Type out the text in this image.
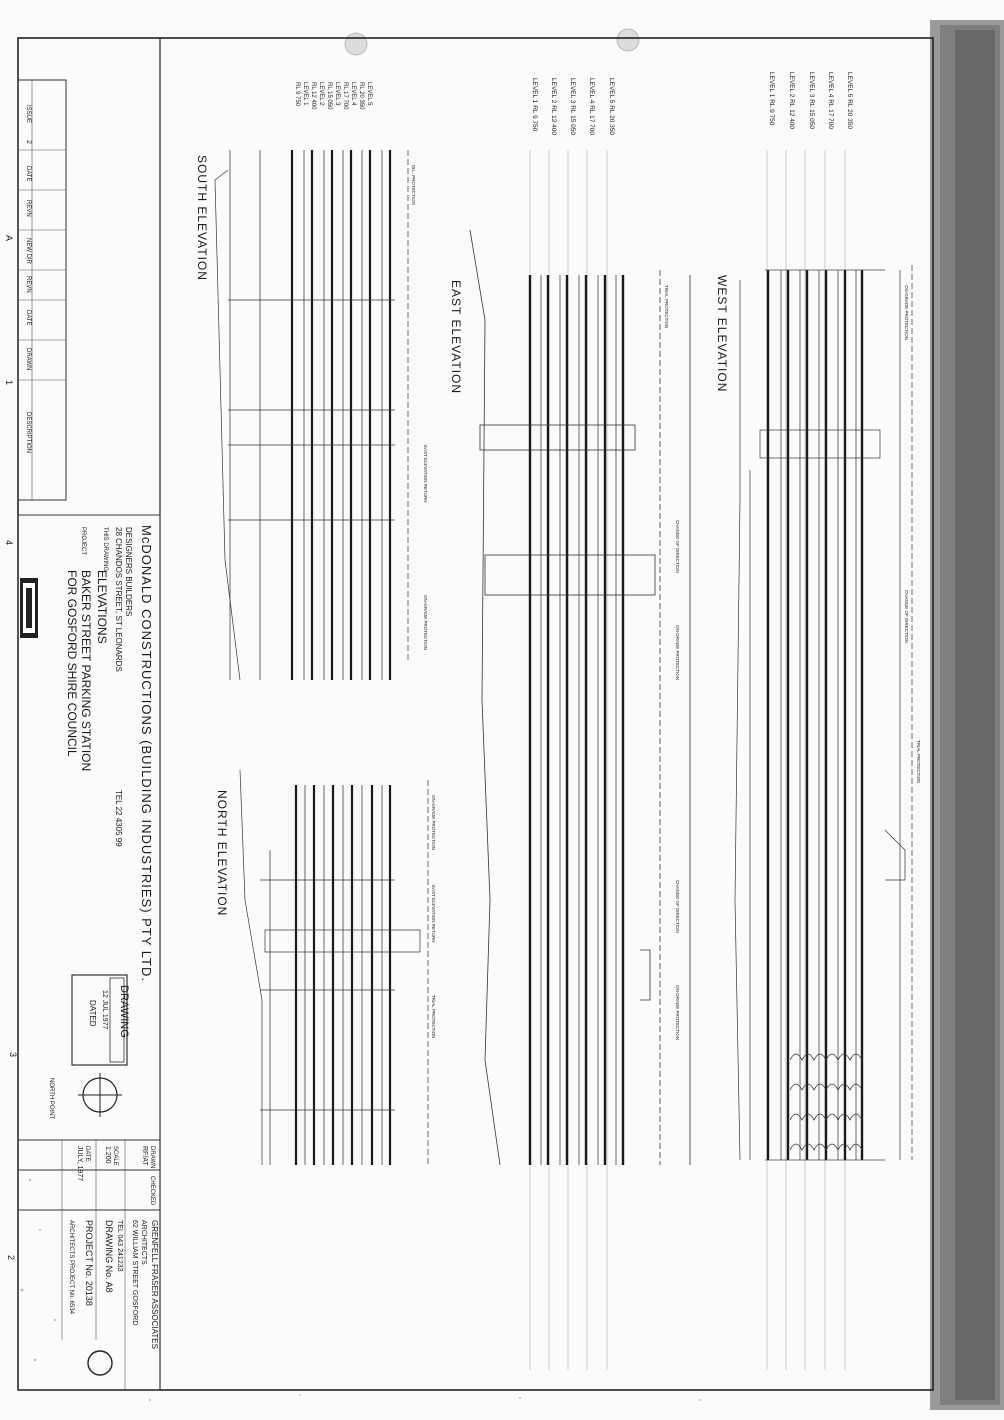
ISSUE
DATE
REVN
NEW DIR
REVN
DATE
DRAWN
DESCRIPTION
2
A
4
3
2
1
McDONALD CONSTRUCTIONS (BUILDING INDUSTRIES) PTY LTD.
DESIGNERS BUILDERS
28 CHANDOS STREET, ST LEONARDS
TEL 22 4305 99
THIS DRAWING
ELEVATIONS
PROJECT
BAKER STREET PARKING STATION
FOR GOSFORD SHIRE COUNCIL
DRAWING
12 JUL 1977
DATED
NORTH POINT
DRAWN
RF/AT
CHECKED
SCALE
1:200
DATE
JULY, 1977
GRENFELL FRASER ASSOCIATES
ARCHITECTS
62 WILLIAM STREET GOSFORD
TEL 043 241233
DRAWING No. A8
PROJECT No. 20138
ARCHITECTS PROJECT No. 6534
WEST ELEVATION
LEVEL 5 RL 20 350
LEVEL 4 RL 17 700
LEVEL 3 RL 15 050
LEVEL 2 RL 12 400
LEVEL 1 RL 9 750
ON-GRADE PROTECTION
CHANGE OF DIRECTION
TRIAL PROTECTION
EAST ELEVATION
LEVEL 5 RL 20 350
LEVEL 4 RL 17 700
LEVEL 3 RL 15 050
LEVEL 2 RL 12 400
LEVEL 1 RL 9 750
TRIAL PROTECTION
CHANGE OF DIRECTION
ON-GRADE PROTECTION
CHANGE OF DIRECTION
ON-GRADE PROTECTION
SOUTH ELEVATION
LEVEL 5
RL 20 350
LEVEL 4
RL 17 700
LEVEL 3
RL 15 050
LEVEL 2
RL 12 400
LEVEL 1
RL 9 750
W.L. PROTECTION
EAST ELEVATION RETURN
ON-GRADE PROTECTION
NORTH ELEVATION	ON-GRADE PROTECTION
EAST ELEVATION RETURN
TRIAL PROTECTION
